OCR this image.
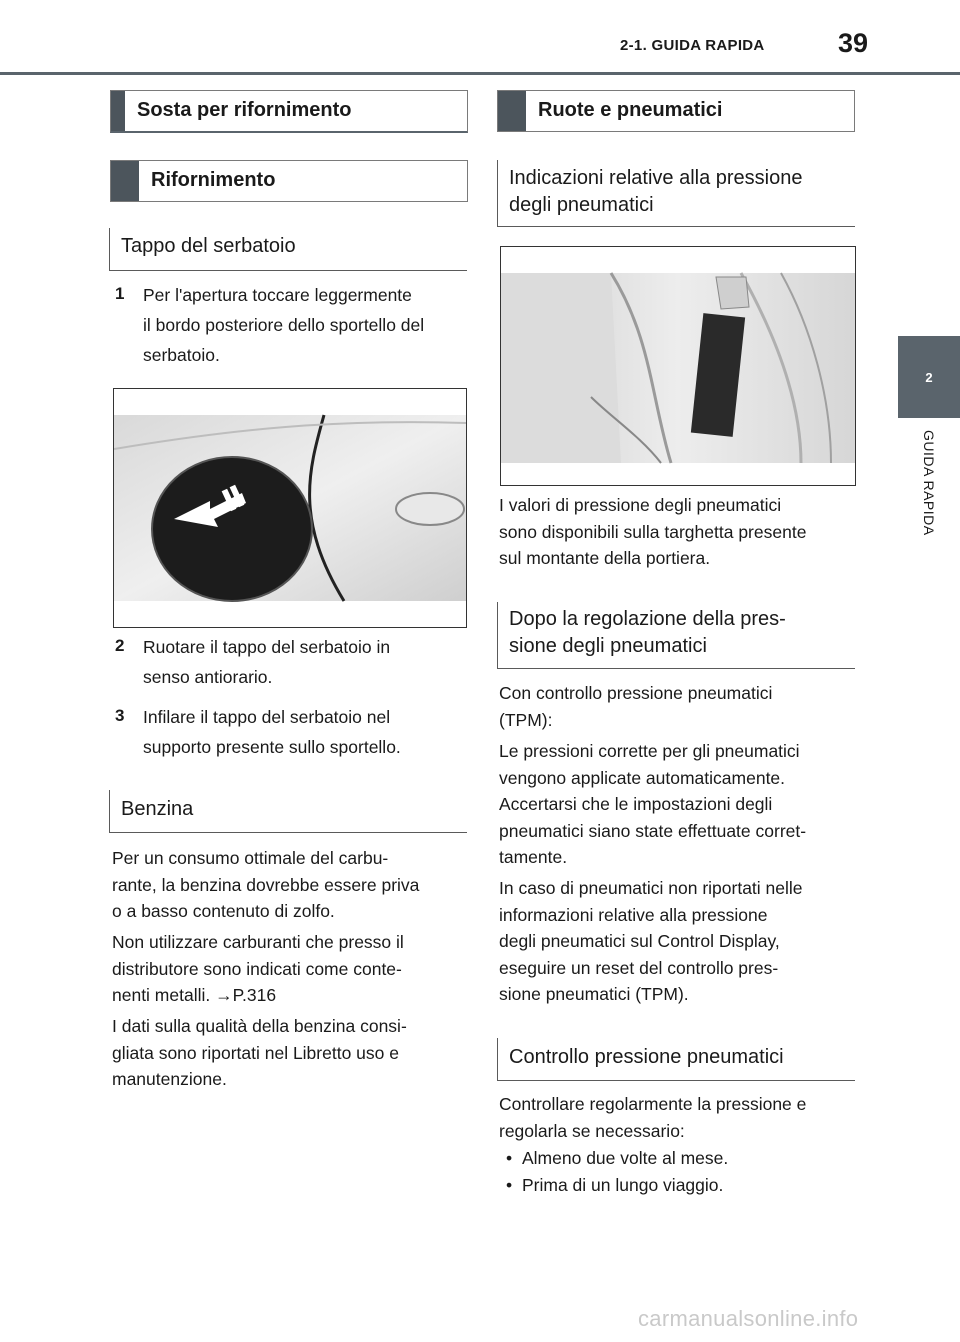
2-1. GUIDA RAPIDA	39
2
GUIDA RAPIDA
Sosta per rifornimento
Rifornimento
Tappo del serbatoio
1 Per l'apertura toccare leggermente
il bordo posteriore dello sportello del
serbatoio.
2 Ruotare il tappo del serbatoio in
senso antiorario.
3 Infilare il tappo del serbatoio nel
supporto presente sullo sportello.
Benzina
Per un consumo ottimale del carbu-
rante, la benzina dovrebbe essere priva
o a basso contenuto di zolfo.
Non utilizzare carburanti che presso il
distributore sono indicati come conte-
nenti metalli. →P.316
I dati sulla qualità della benzina consi-
gliata sono riportati nel Libretto uso e
manutenzione.
Ruote e pneumatici
Indicazioni relative alla pressione
degli pneumatici
I valori di pressione degli pneumatici
sono disponibili sulla targhetta presente
sul montante della portiera.
Dopo la regolazione della pres-
sione degli pneumatici
Con controllo pressione pneumatici
(TPM):
Le pressioni corrette per gli pneumatici
vengono applicate automaticamente.
Accertarsi che le impostazioni degli
pneumatici siano state effettuate corret-
tamente.
In caso di pneumatici non riportati nelle
informazioni relative alla pressione
degli pneumatici sul Control Display,
eseguire un reset del controllo pres-
sione pneumatici (TPM).
Controllo pressione pneumatici
Controllare regolarmente la pressione e
regolarla se necessario:
• Almeno due volte al mese.
• Prima di un lungo viaggio.
carmanualsonline.info
